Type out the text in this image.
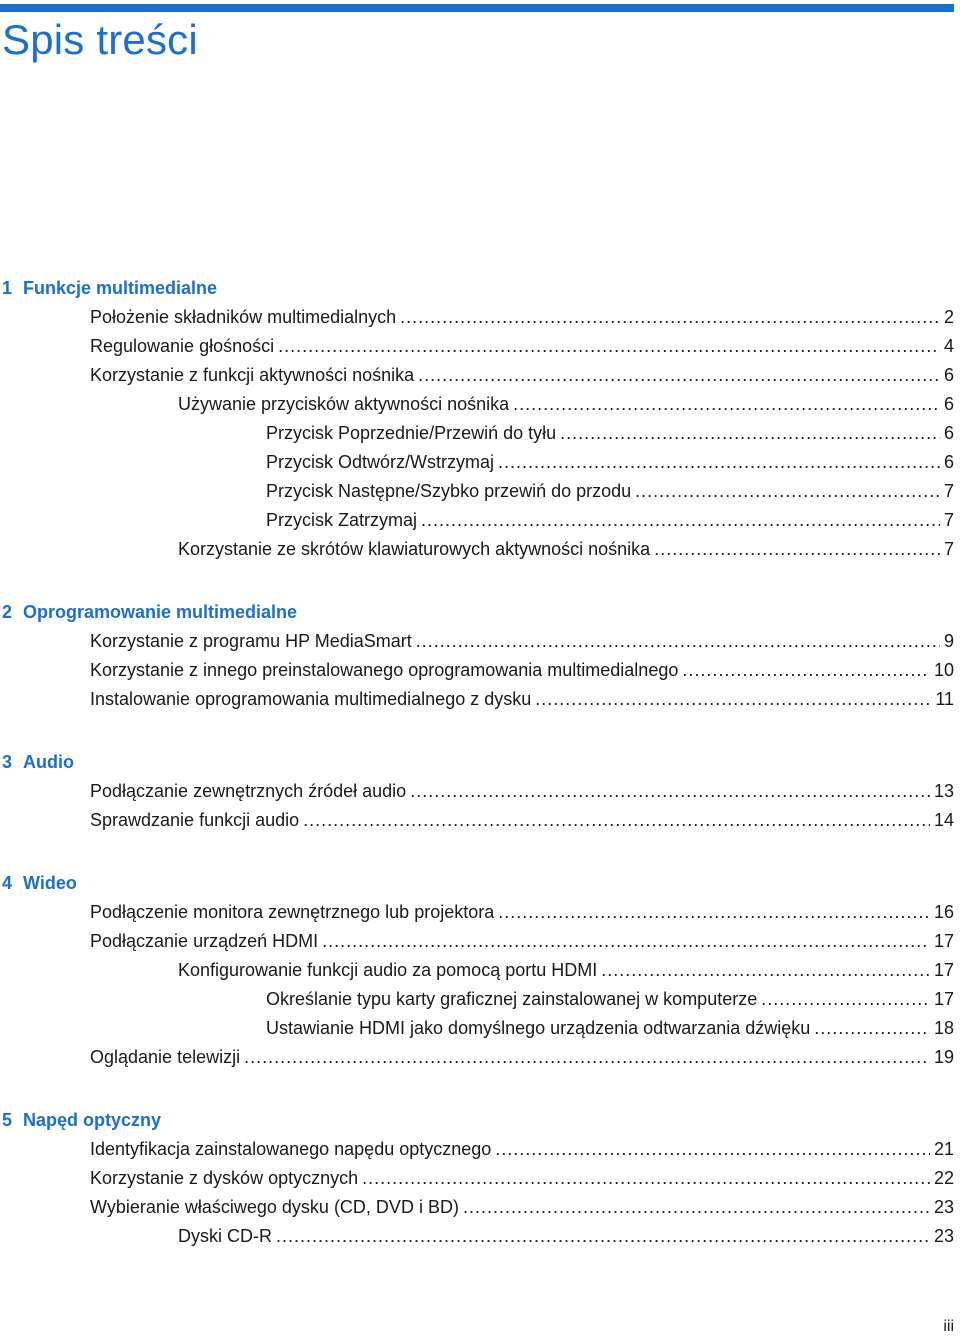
Spis treści
1 Funkcje multimedialne
Położenie składników multimedialnych .....	2
Regulowanie głośności .....	4
Korzystanie z funkcji aktywności nośnika .....	6
Używanie przycisków aktywności nośnika .....	6
Przycisk Poprzednie/Przewiń do tyłu .....	6
Przycisk Odtwórz/Wstrzymaj .....	6
Przycisk Następne/Szybko przewiń do przodu .....	7
Przycisk Zatrzymaj .....	7
Korzystanie ze skrótów klawiaturowych aktywności nośnika .....	7
2 Oprogramowanie multimedialne
Korzystanie z programu HP MediaSmart .....	9
Korzystanie z innego preinstalowanego oprogramowania multimedialnego .....	10
Instalowanie oprogramowania multimedialnego z dysku .....	11
3 Audio
Podłączanie zewnętrznych źródeł audio .....	13
Sprawdzanie funkcji audio .....	14
4 Wideo
Podłączenie monitora zewnętrznego lub projektora .....	16
Podłączanie urządzeń HDMI .....	17
Konfigurowanie funkcji audio za pomocą portu HDMI .....	17
Określanie typu karty graficznej zainstalowanej w komputerze .....	17
Ustawianie HDMI jako domyślnego urządzenia odtwarzania dźwięku .....	18
Oglądanie telewizji .....	19
5 Napęd optyczny
Identyfikacja zainstalowanego napędu optycznego .....	21
Korzystanie z dysków optycznych .....	22
Wybieranie właściwego dysku (CD, DVD i BD) .....	23
Dyski CD-R .....	23
iii
